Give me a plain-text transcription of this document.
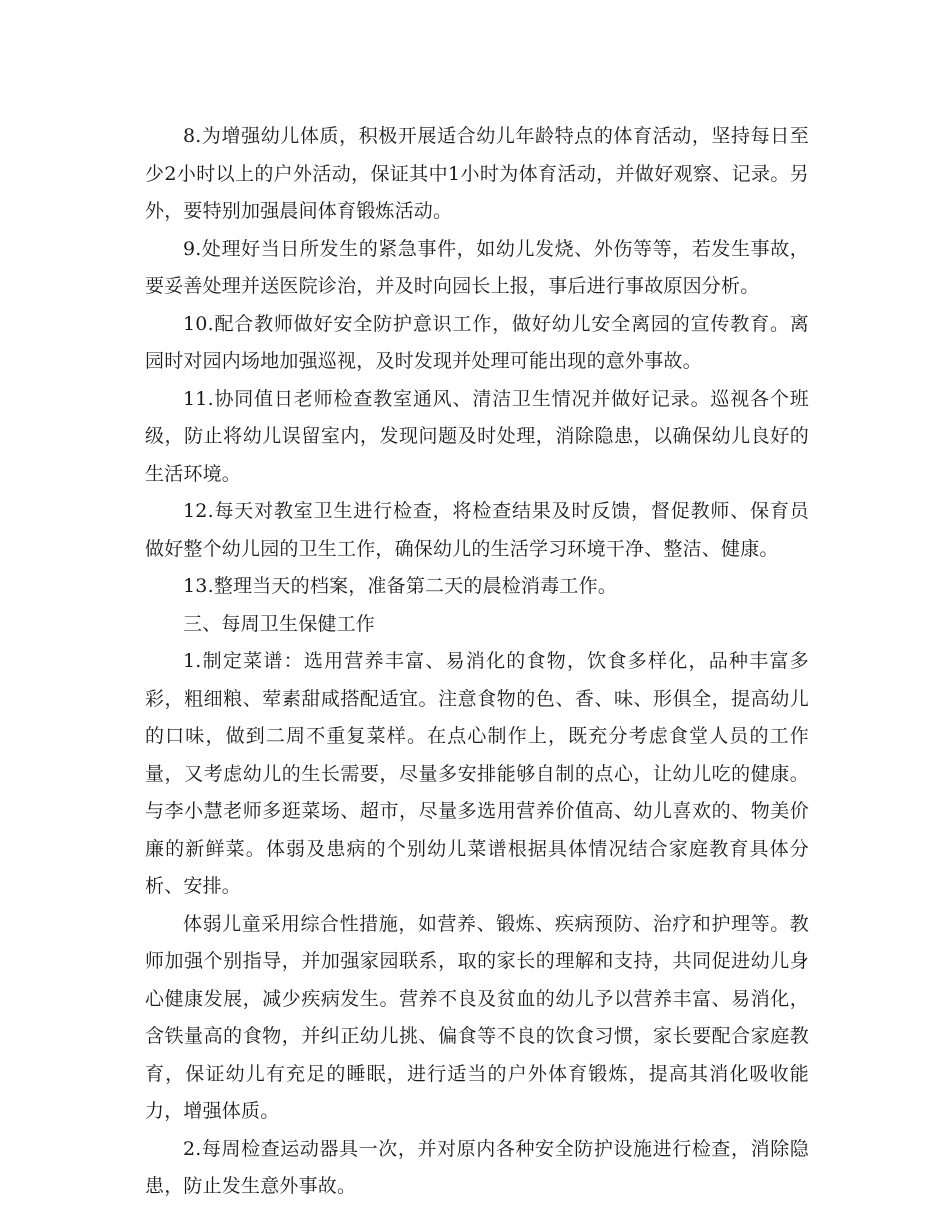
8.为增强幼儿体质，积极开展适合幼儿年龄特点的体育活动，坚持每日至少2小时以上的户外活动，保证其中1小时为体育活动，并做好观察、记录。另外，要特别加强晨间体育锻炼活动。

9.处理好当日所发生的紧急事件，如幼儿发烧、外伤等等，若发生事故，要妥善处理并送医院诊治，并及时向园长上报，事后进行事故原因分析。

10.配合教师做好安全防护意识工作，做好幼儿安全离园的宣传教育。离园时对园内场地加强巡视，及时发现并处理可能出现的意外事故。

11.协同值日老师检查教室通风、清洁卫生情况并做好记录。巡视各个班级，防止将幼儿误留室内，发现问题及时处理，消除隐患，以确保幼儿良好的生活环境。

12.每天对教室卫生进行检查，将检查结果及时反馈，督促教师、保育员做好整个幼儿园的卫生工作，确保幼儿的生活学习环境干净、整洁、健康。

13.整理当天的档案，准备第二天的晨检消毒工作。

三、每周卫生保健工作

1.制定菜谱：选用营养丰富、易消化的食物，饮食多样化，品种丰富多彩，粗细粮、荤素甜咸搭配适宜。注意食物的色、香、味、形俱全，提高幼儿的口味，做到二周不重复菜样。在点心制作上，既充分考虑食堂人员的工作量，又考虑幼儿的生长需要，尽量多安排能够自制的点心，让幼儿吃的健康。与李小慧老师多逛菜场、超市，尽量多选用营养价值高、幼儿喜欢的、物美价廉的新鲜菜。体弱及患病的个别幼儿菜谱根据具体情况结合家庭教育具体分析、安排。

体弱儿童采用综合性措施，如营养、锻炼、疾病预防、治疗和护理等。教师加强个别指导，并加强家园联系，取的家长的理解和支持，共同促进幼儿身心健康发展，减少疾病发生。营养不良及贫血的幼儿予以营养丰富、易消化，含铁量高的食物，并纠正幼儿挑、偏食等不良的饮食习惯，家长要配合家庭教育，保证幼儿有充足的睡眠，进行适当的户外体育锻炼，提高其消化吸收能力，增强体质。

2.每周检查运动器具一次，并对原内各种安全防护设施进行检查，消除隐患，防止发生意外事故。
